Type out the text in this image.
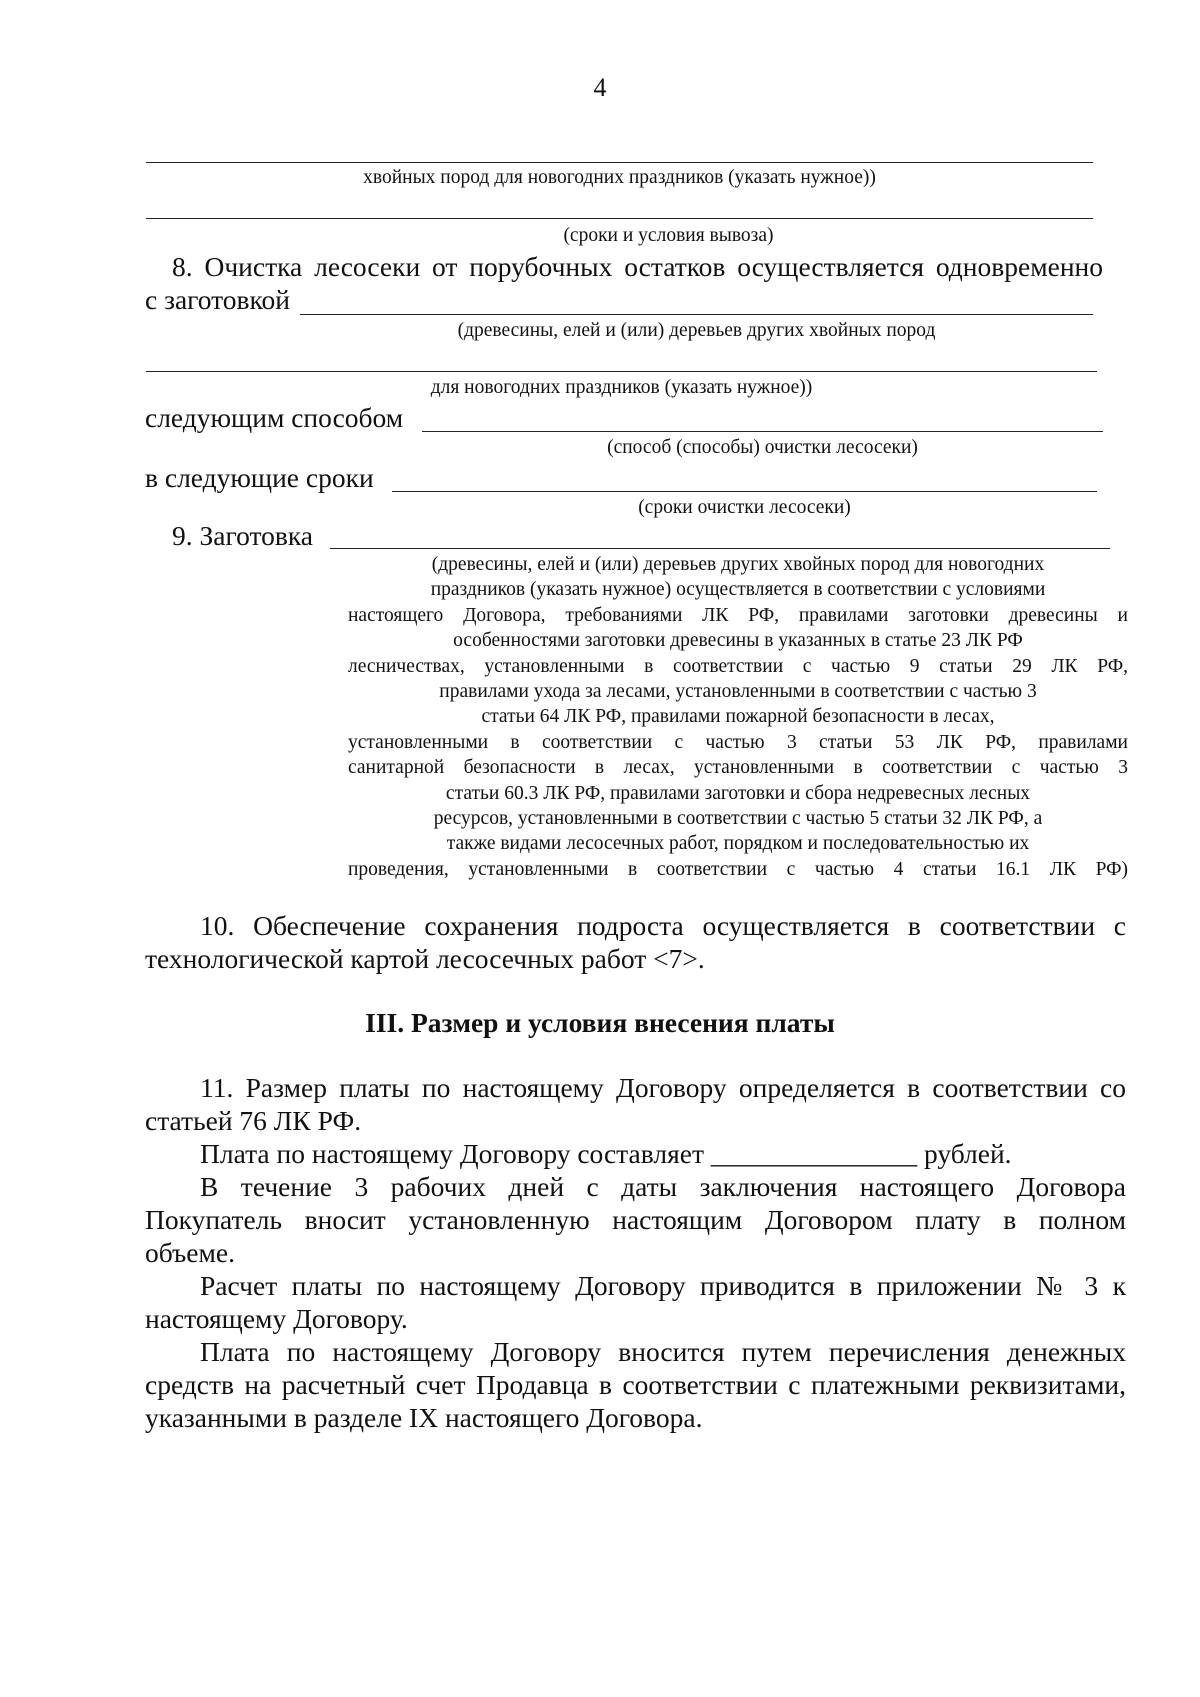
4
хвойных пород для новогодних праздников (указать нужное))
(сроки и условия вывоза)
8. Очистка лесосеки от порубочных остатков осуществляется одновременно
с заготовкой
(древесины, елей и (или) деревьев других хвойных пород
для новогодних праздников (указать нужное))
следующим способом
(способ (способы) очистки лесосеки)
в следующие сроки
(сроки очистки лесосеки)
9. Заготовка
(древесины, елей и (или) деревьев других хвойных пород для новогодних
праздников (указать нужное) осуществляется в соответствии с условиями
настоящего Договора, требованиями ЛК РФ, правилами заготовки древесины и
особенностями заготовки древесины в указанных в статье 23 ЛК РФ
лесничествах, установленными в соответствии с частью 9 статьи 29 ЛК РФ,
правилами ухода за лесами, установленными в соответствии с частью 3
статьи 64 ЛК РФ, правилами пожарной безопасности в лесах,
установленными в соответствии с частью 3 статьи 53 ЛК РФ, правилами
санитарной безопасности в лесах, установленными в соответствии с частью 3
статьи 60.3 ЛК РФ, правилами заготовки и сбора недревесных лесных
ресурсов, установленными в соответствии с частью 5 статьи 32 ЛК РФ, а
также видами лесосечных работ, порядком и последовательностью их
проведения, установленными в соответствии с частью 4 статьи 16.1 ЛК РФ)
10. Обеспечение сохранения подроста осуществляется в соответствии с
технологической картой лесосечных работ <7>.
III. Размер и условия внесения платы
11. Размер платы по настоящему Договору определяется в соответствии со
статьей 76 ЛК РФ.
Плата по настоящему Договору составляет _______________ рублей.
В течение 3 рабочих дней с даты заключения настоящего Договора
Покупатель вносит установленную настоящим Договором плату в полном
объеме.
Расчет платы по настоящему Договору приводится в приложении № 3 к
настоящему Договору.
Плата по настоящему Договору вносится путем перечисления денежных
средств на расчетный счет Продавца в соответствии с платежными реквизитами,
указанными в разделе IX настоящего Договора.
